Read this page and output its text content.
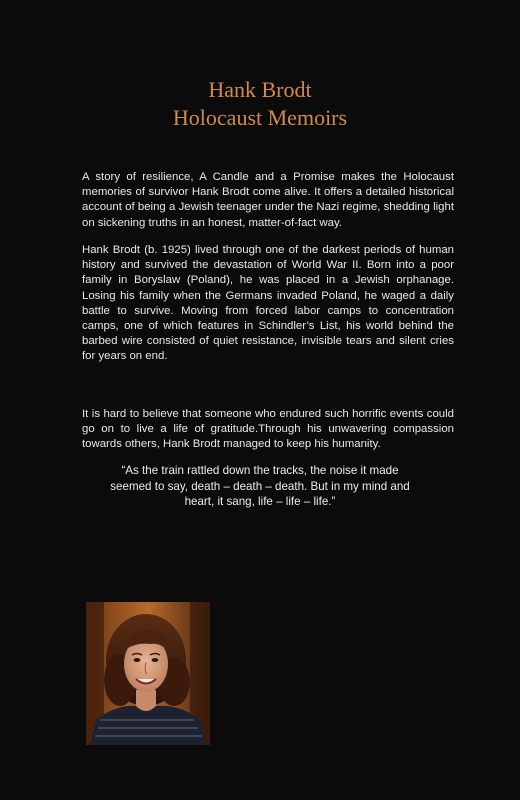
Hank Brodt
Holocaust Memoirs

A story of resilience, A Candle and a Promise makes the Holocaust memories of survivor Hank Brodt come alive. It offers a detailed historical account of being a Jewish teenager under the Nazi regime, shedding light on sickening truths in an honest, matter-of-fact way.

Hank Brodt (b. 1925) lived through one of the darkest periods of human history and survived the devastation of World War II. Born into a poor family in Boryslaw (Poland), he was placed in a Jewish orphanage. Losing his family when the Germans invaded Poland, he waged a daily battle to survive. Moving from forced labor camps to concentration camps, one of which features in Schindler’s List, his world behind the barbed wire consisted of quiet resistance, invisible tears and silent cries for years on end.

It is hard to believe that someone who endured such horrific events could go on to live a life of gratitude.Through his unwavering compassion towards others, Hank Brodt managed to keep his humanity.

“As the train rattled down the tracks, the noise it made seemed to say, death – death – death. But in my mind and heart, it sang, life – life – life.”
